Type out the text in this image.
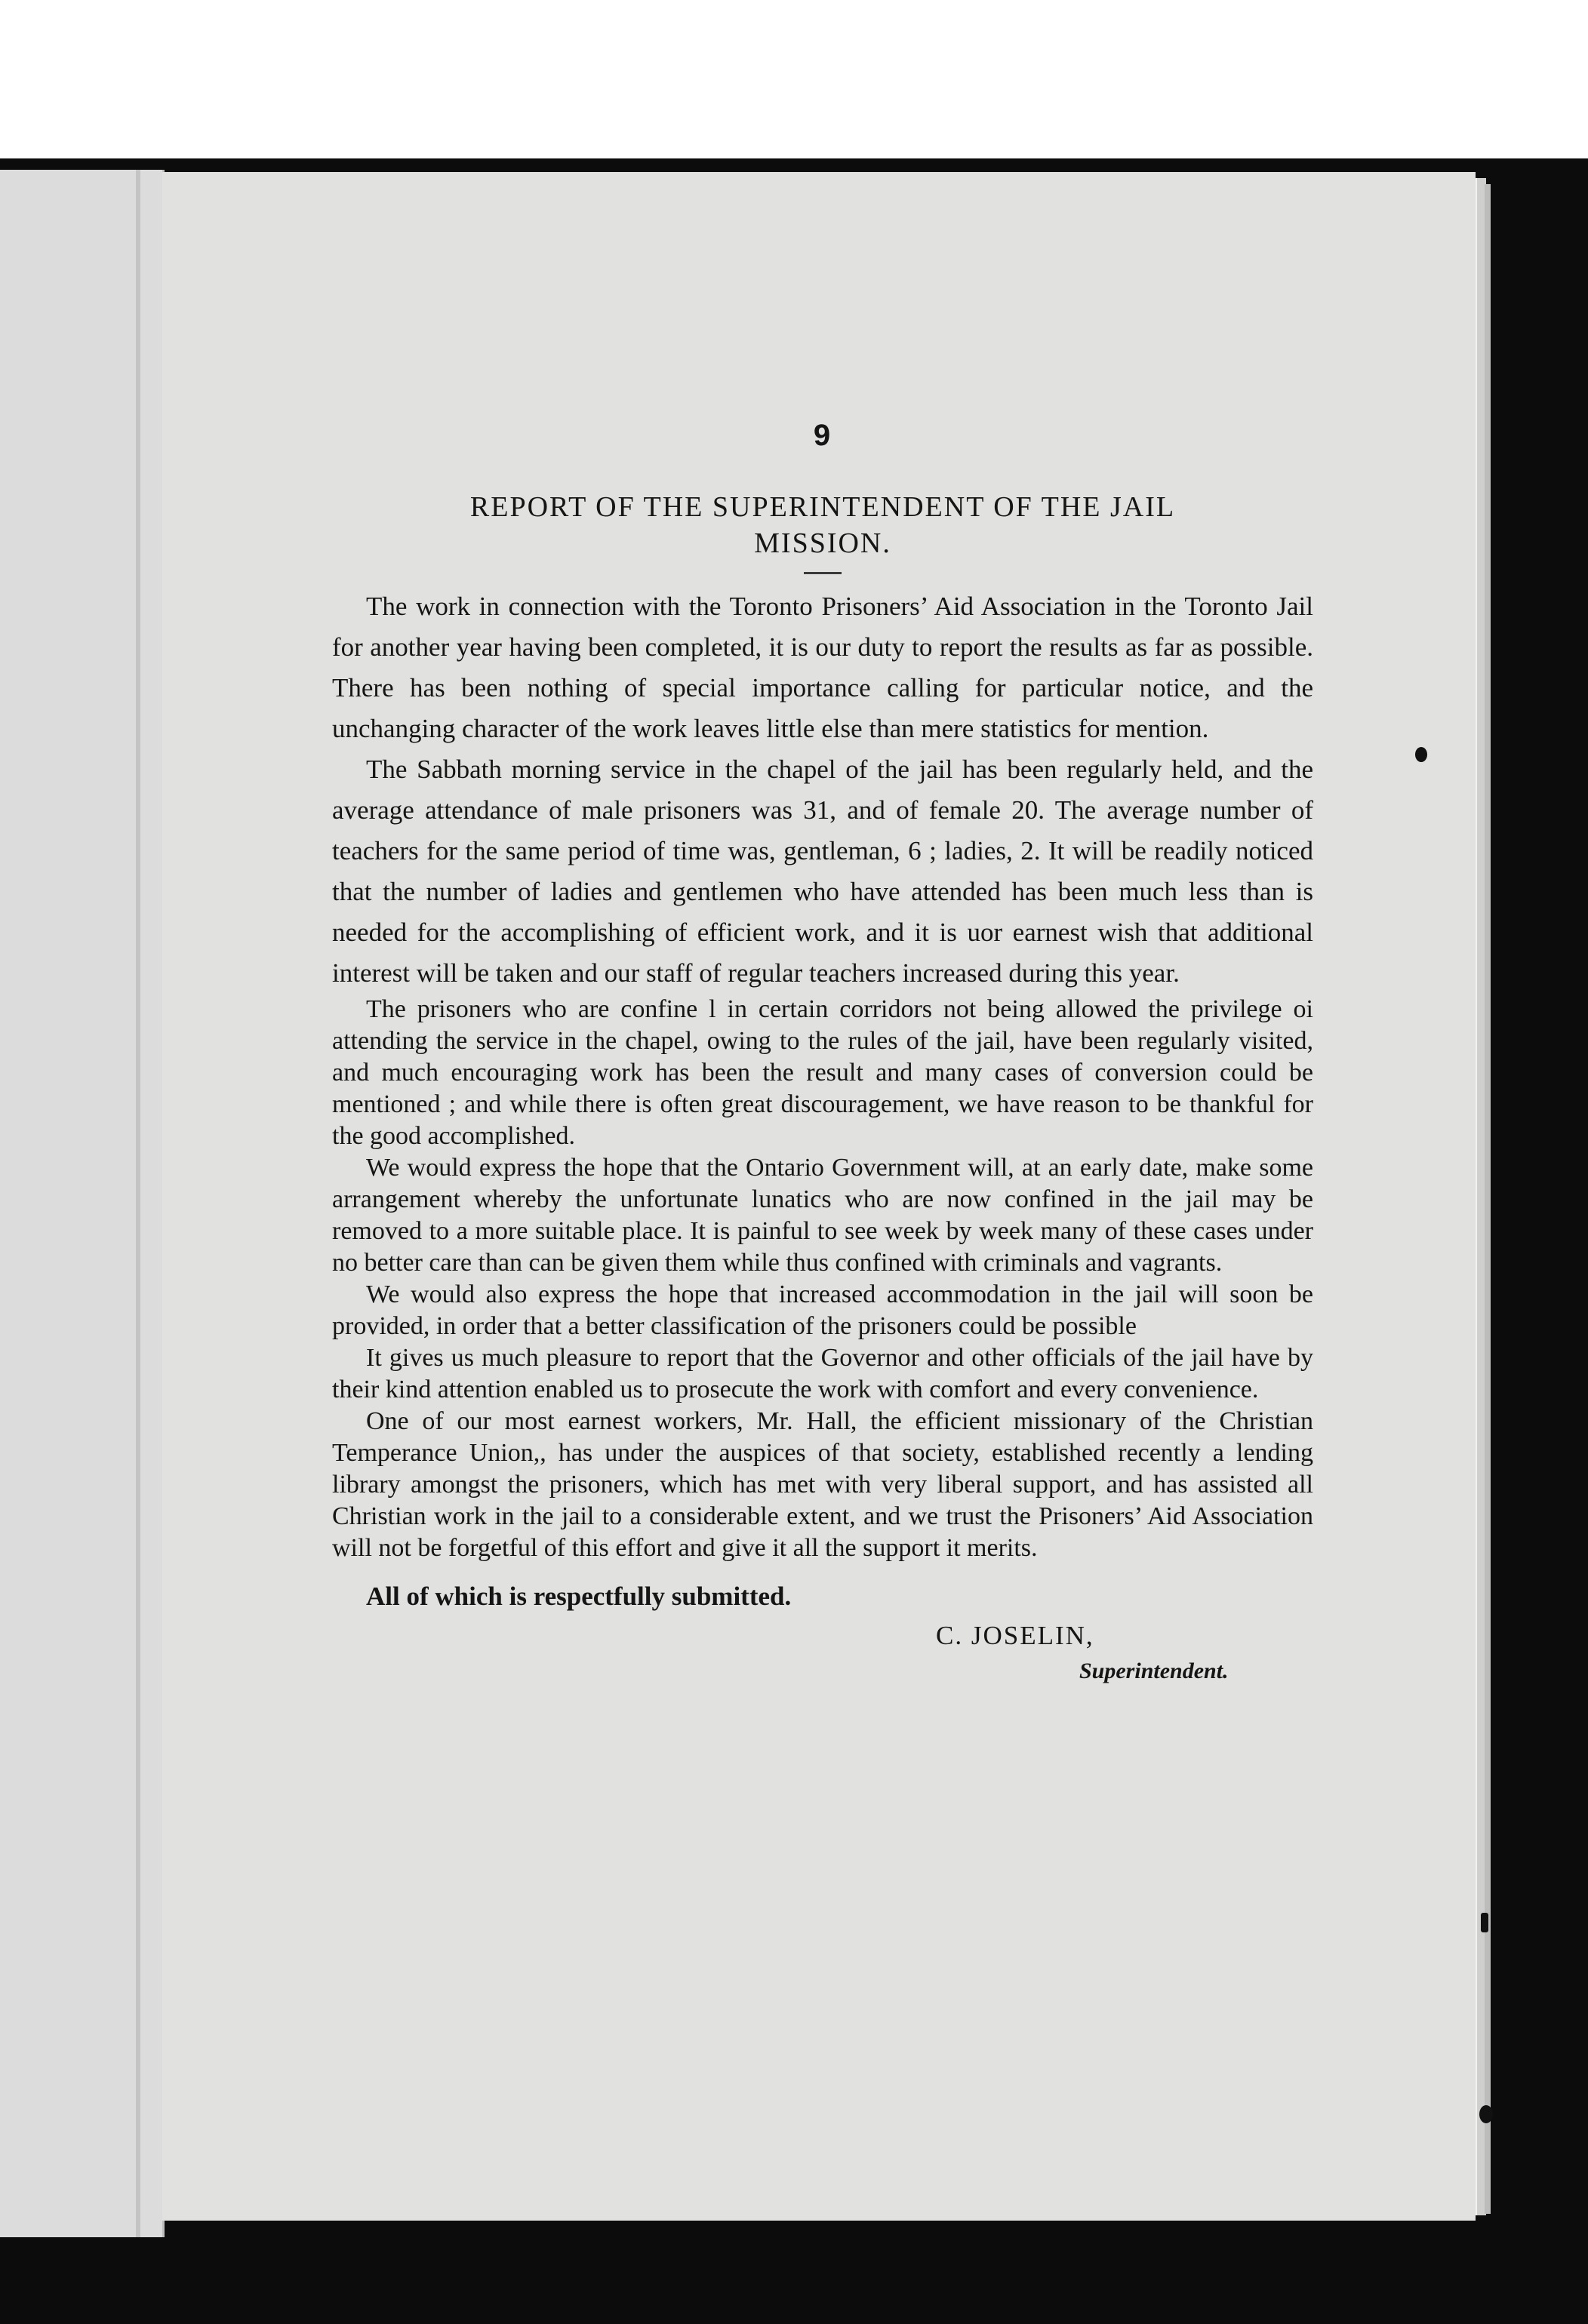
9

REPORT OF THE SUPERINTENDENT OF THE JAIL

MISSION.

The work in connection with the Toronto Prisoners’ Aid Association in the Toronto Jail for another year having been completed, it is our duty to report the results as far as possible. There has been nothing of special importance calling for particular notice, and the unchanging character of the work leaves little else than mere statistics for mention.

The Sabbath morning service in the chapel of the jail has been regularly held, and the average attendance of male prisoners was 31, and of female 20. The average number of teachers for the same period of time was, gentleman, 6 ; ladies, 2. It will be readily noticed that the number of ladies and gentlemen who have attended has been much less than is needed for the accomplishing of efficient work, and it is uor earnest wish that additional interest will be taken and our staff of regular teachers increased during this year.

The prisoners who are confine l in certain corridors not being allowed the privilege oi attending the service in the chapel, owing to the rules of the jail, have been regularly visited, and much encouraging work has been the result and many cases of conversion could be mentioned ; and while there is often great discouragement, we have reason to be thankful for the good accomplished.

We would express the hope that the Ontario Government will, at an early date, make some arrangement whereby the unfortunate lunatics who are now confined in the jail may be removed to a more suitable place. It is painful to see week by week many of these cases under no better care than can be given them while thus confined with criminals and vagrants.

We would also express the hope that increased accommodation in the jail will soon be provided, in order that a better classification of the prisoners could be possible

It gives us much pleasure to report that the Governor and other officials of the jail have by their kind attention enabled us to prosecute the work with comfort and every convenience.

One of our most earnest workers, Mr. Hall, the efficient missionary of the Christian Temperance Union,, has under the auspices of that society, established recently a lending library amongst the prisoners, which has met with very liberal support, and has assisted all Christian work in the jail to a considerable extent, and we trust the Prisoners’ Aid Association will not be forgetful of this effort and give it all the support it merits.

All of which is respectfully submitted.

C. JOSELIN,

Superintendent.
